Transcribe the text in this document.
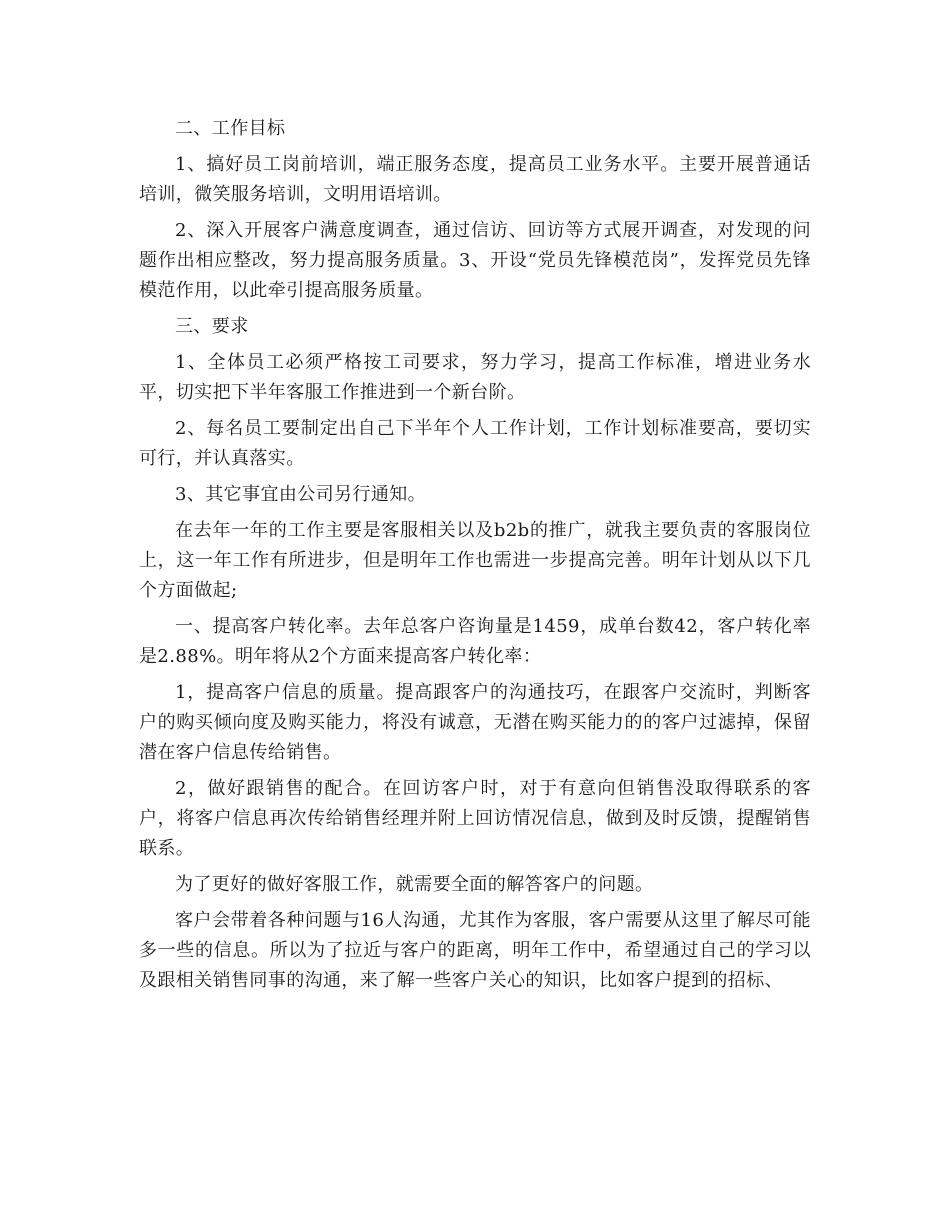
二、工作目标

1、搞好员工岗前培训，端正服务态度，提高员工业务水平。主要开展普通话培训，微笑服务培训，文明用语培训。

2、深入开展客户满意度调查，通过信访、回访等方式展开调查，对发现的问题作出相应整改，努力提高服务质量。3、开设“党员先锋模范岗”，发挥党员先锋模范作用，以此牵引提高服务质量。

三、要求

1、全体员工必须严格按工司要求，努力学习，提高工作标准，增进业务水平，切实把下半年客服工作推进到一个新台阶。

2、每名员工要制定出自己下半年个人工作计划，工作计划标准要高，要切实可行，并认真落实。

3、其它事宜由公司另行通知。

在去年一年的工作主要是客服相关以及b2b的推广，就我主要负责的客服岗位上，这一年工作有所进步，但是明年工作也需进一步提高完善。明年计划从以下几个方面做起;

一、提高客户转化率。去年总客户咨询量是1459，成单台数42，客户转化率是2.88%。明年将从2个方面来提高客户转化率：

1，提高客户信息的质量。提高跟客户的沟通技巧，在跟客户交流时，判断客户的购买倾向度及购买能力，将没有诚意，无潜在购买能力的的客户过滤掉，保留潜在客户信息传给销售。

2，做好跟销售的配合。在回访客户时，对于有意向但销售没取得联系的客户，将客户信息再次传给销售经理并附上回访情况信息，做到及时反馈，提醒销售联系。

为了更好的做好客服工作，就需要全面的解答客户的问题。

客户会带着各种问题与16人沟通，尤其作为客服，客户需要从这里了解尽可能多一些的信息。所以为了拉近与客户的距离，明年工作中，希望通过自己的学习以及跟相关销售同事的沟通，来了解一些客户关心的知识，比如客户提到的招标、
